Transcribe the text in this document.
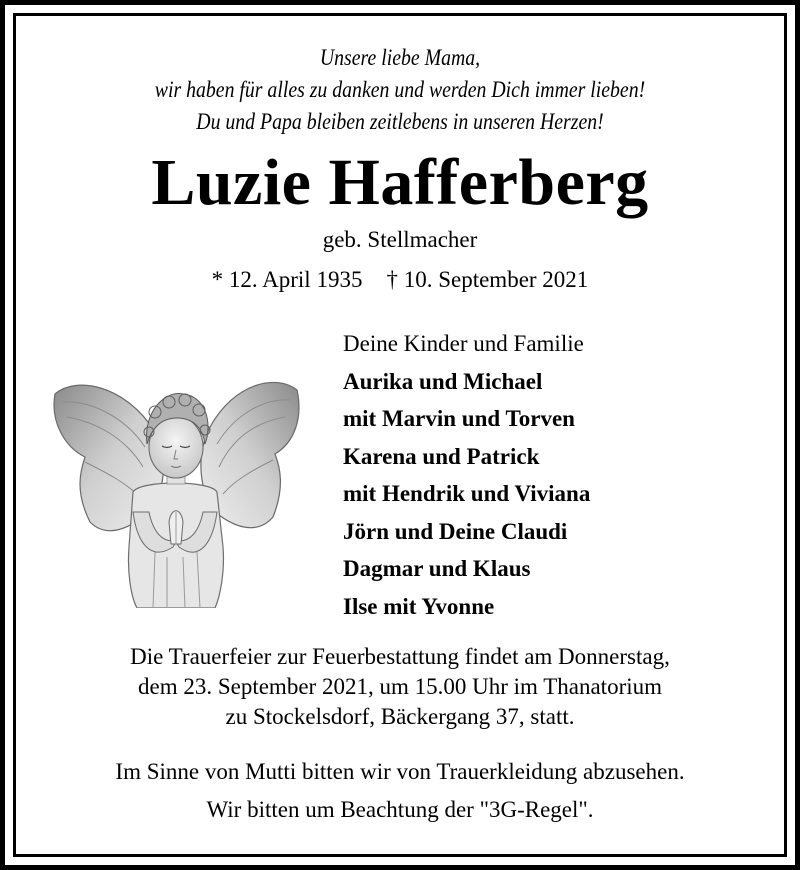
Unsere liebe Mama,
wir haben für alles zu danken und werden Dich immer lieben!
Du und Papa bleiben zeitlebens in unseren Herzen!
Luzie Hafferberg
geb. Stellmacher
* 12. April 1935 † 10. September 2021
Deine Kinder und Familie
Aurika und Michael
mit Marvin und Torven
Karena und Patrick
mit Hendrik und Viviana
Jörn und Deine Claudi
Dagmar und Klaus
Ilse mit Yvonne
Die Trauerfeier zur Feuerbestattung findet am Donnerstag,
dem 23. September 2021, um 15.00 Uhr im Thanatorium
zu Stockelsdorf, Bäckergang 37, statt.
Im Sinne von Mutti bitten wir von Trauerkleidung abzusehen.
Wir bitten um Beachtung der "3G-Regel".
